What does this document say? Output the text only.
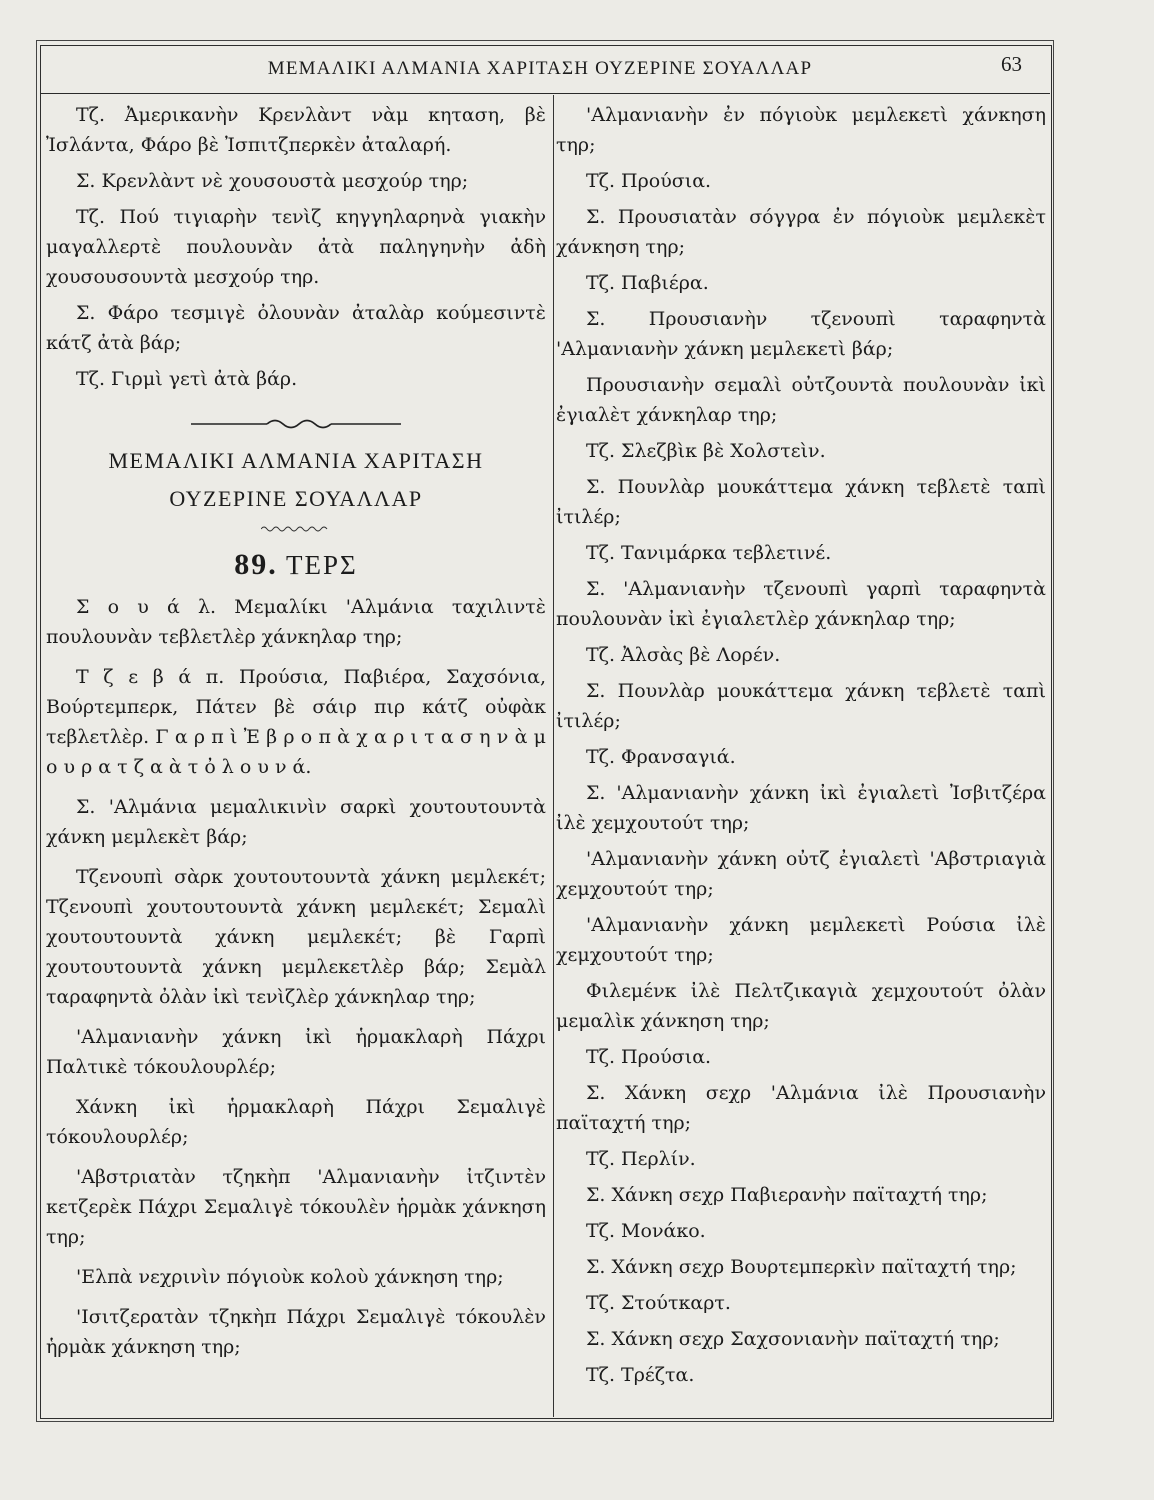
ΜΕΜΑΛΙΚΙ ΑΛΜΑΝΙΑ ΧΑΡΙΤΑΣΗ ΟΥΖΕΡΙΝΕ ΣΟΥΑΛΛΑΡ	63

Τζ. Ἀμερικανὴν Κρενλὰντ νὰμ κηταση, βὲ Ἰσλάντα, Φάρο βὲ Ἰσπιτζπερκὲν ἀταλαρή.

Σ. Κρενλὰντ νὲ χουσουστὰ μεσχούρ τηρ;

Τζ. Πού τιγιαρὴν τενὶζ κηγγηλαρηνὰ γιακὴν μαγαλλερτὲ πουλουνὰν ἀτὰ παληγηνὴν ἀδὴ χουσουσουντὰ μεσχούρ τηρ.

Σ. Φάρο τεσμιγὲ ὀλουνὰν ἀταλὰρ κούμεσιντὲ κάτζ ἀτὰ βάρ;

Τζ. Γιρμὶ γετὶ ἀτὰ βάρ.

ΜΕΜΑΛΙΚΙ ΑΛΜΑΝΙΑ ΧΑΡΙΤΑΣΗ
ΟΥΖΕΡΙΝΕ ΣΟΥΑΛΛΑΡ
89. ΤΕΡΣ

Σ ο υ ά λ. Μεμαλίκι 'Αλμάνια ταχιλιντὲ πουλουνὰν τεβλετλὲρ χάνκηλαρ τηρ;

Τ ζ ε β ά π. Προύσια, Παβιέρα, Σαχσόνια, Βούρτεμπερκ, Πάτεν βὲ σάιρ πιρ κάτζ οὐφὰκ τεβλετλὲρ. Γ α ρ π ὶ Ἐ β ρ ο π ὰ χ α ρ ι τ α σ η ν ὰ μ ο υ ρ α τ ζ α ὰ τ ὀ λ ο υ ν ά.

Σ. 'Αλμάνια μεμαλικινὶν σαρκὶ χουτουτουντὰ χάνκη μεμλεκὲτ βάρ;

Τζενουπὶ σὰρκ χουτουτουντὰ χάνκη μεμλεκέτ; Τζενουπὶ χουτουτουντὰ χάνκη μεμλεκέτ; Σεμαλὶ χουτουτουντὰ χάνκη μεμλεκέτ; βὲ Γαρπὶ χουτουτουντὰ χάνκη μεμλεκετλὲρ βάρ; Σεμὰλ ταραφηντὰ ὀλὰν ἰκὶ τενὶζλὲρ χάνκηλαρ τηρ;

'Αλμανιανὴν χάνκη ἰκὶ ἡρμακλαρὴ Πάχρι Παλτικὲ τόκουλουρλέρ;

Χάνκη ἰκὶ ἡρμακλαρὴ Πάχρι Σεμαλιγὲ τόκουλουρλέρ;

'Αβστριατὰν τζηκὴπ 'Αλμανιανὴν ἰτζιντὲν κετζερὲκ Πάχρι Σεμαλιγὲ τόκουλὲν ἡρμὰκ χάνκηση τηρ;

'Ελπὰ νεχρινὶν πόγιοὺκ κολοὺ χάνκηση τηρ;

'Ισιτζερατὰν τζηκὴπ Πάχρι Σεμαλιγὲ τόκουλὲν ἡρμὰκ χάνκηση τηρ;

'Αλμανιανὴν ἐν πόγιοὺκ μεμλεκετὶ χάνκηση τηρ;

Τζ. Προύσια.

Σ. Προυσιατὰν σόγγρα ἐν πόγιοὺκ μεμλεκὲτ χάνκηση τηρ;

Τζ. Παβιέρα.

Σ. Προυσιανὴν τζενουπὶ ταραφηντὰ 'Αλμανιανὴν χάνκη μεμλεκετὶ βάρ;

Προυσιανὴν σεμαλὶ οὐτζουντὰ πουλουνὰν ἰκὶ ἐγιαλὲτ χάνκηλαρ τηρ;

Τζ. Σλεζβὶκ βὲ Χολστεὶν.

Σ. Πουνλὰρ μουκάττεμα χάνκη τεβλετὲ ταπὶ ἰτιλέρ;

Τζ. Τανιμάρκα τεβλετινέ.

Σ. 'Αλμανιανὴν τζενουπὶ γαρπὶ ταραφηντὰ πουλουνὰν ἰκὶ ἐγιαλετλὲρ χάνκηλαρ τηρ;

Τζ. Ἀλσὰς βὲ Λορέν.

Σ. Πουνλὰρ μουκάττεμα χάνκη τεβλετὲ ταπὶ ἰτιλέρ;

Τζ. Φρανσαγιά.

Σ. 'Αλμανιανὴν χάνκη ἰκὶ ἐγιαλετὶ Ἰσβιτζέρα ἰλὲ χεμχουτούτ τηρ;

'Αλμανιανὴν χάνκη οὐτζ ἐγιαλετὶ 'Αβστριαγιὰ χεμχουτούτ τηρ;

'Αλμανιανὴν χάνκη μεμλεκετὶ Ρούσια ἰλὲ χεμχουτούτ τηρ;

Φιλεμένκ ἰλὲ Πελτζικαγιὰ χεμχουτούτ ὀλὰν μεμαλὶκ χάνκηση τηρ;

Τζ. Προύσια.

Σ. Χάνκη σεχρ 'Αλμάνια ἰλὲ Προυσιανὴν παϊταχτή τηρ;

Τζ. Περλίν.

Σ. Χάνκη σεχρ Παβιερανὴν παϊταχτή τηρ;

Τζ. Μονάκο.

Σ. Χάνκη σεχρ Βουρτεμπερκὶν παϊταχτή τηρ;

Τζ. Στούτκαρτ.

Σ. Χάνκη σεχρ Σαχσονιανὴν παϊταχτή τηρ;

Τζ. Τρέζτα.
